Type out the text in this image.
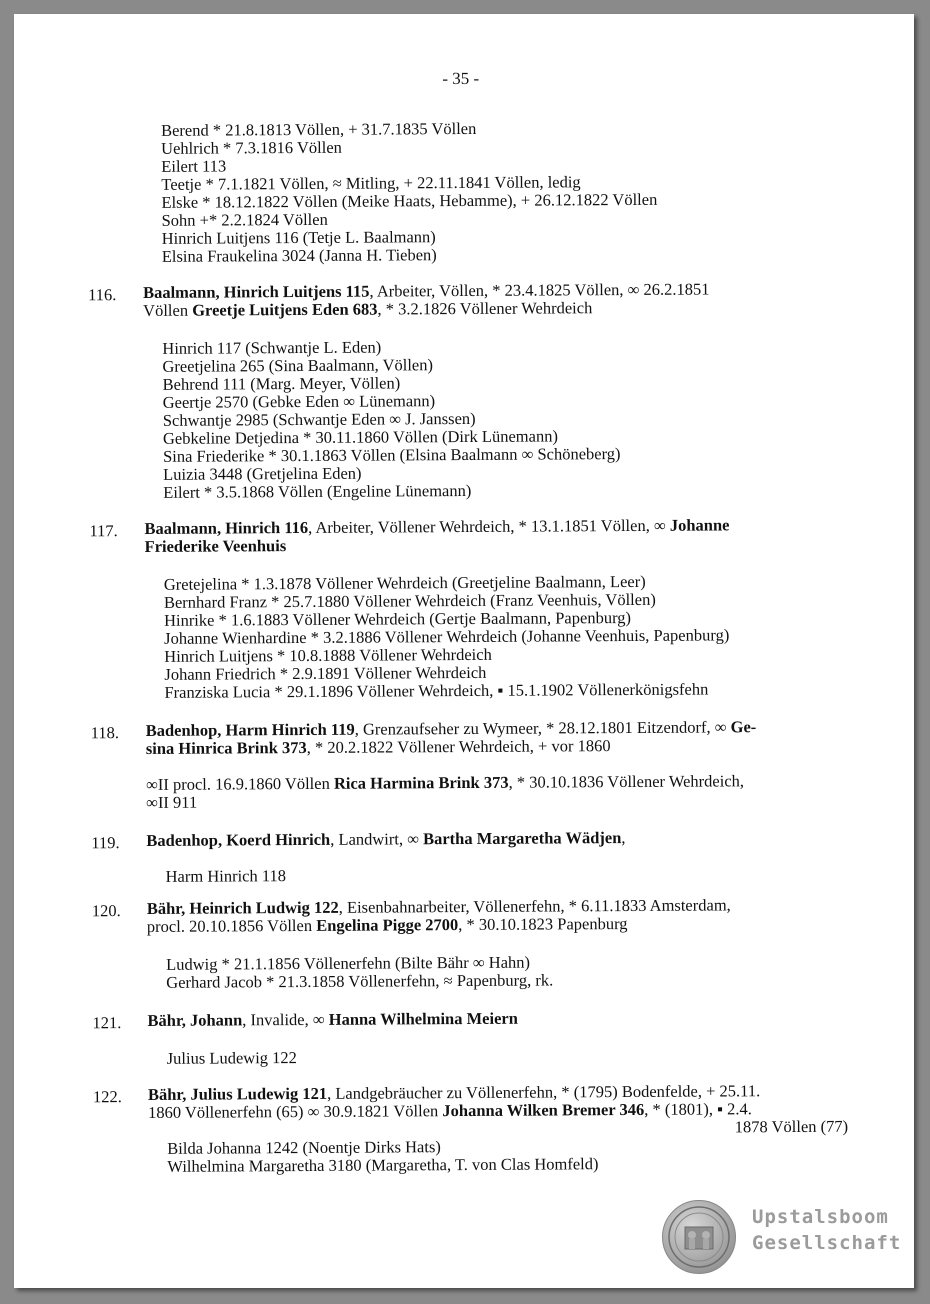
- 35 -
Berend * 21.8.1813 Völlen, + 31.7.1835 Völlen
Uehlrich * 7.3.1816 Völlen
Eilert 113
Teetje * 7.1.1821 Völlen, ≈ Mitling, + 22.11.1841 Völlen, ledig
Elske * 18.12.1822 Völlen (Meike Haats, Hebamme), + 26.12.1822 Völlen
Sohn +* 2.2.1824 Völlen
Hinrich Luitjens 116 (Tetje L. Baalmann)
Elsina Fraukelina 3024 (Janna H. Tieben)
116. Baalmann, Hinrich Luitjens 115, Arbeiter, Völlen, * 23.4.1825 Völlen, ∞ 26.2.1851
Völlen Greetje Luitjens Eden 683, * 3.2.1826 Völlener Wehrdeich
Hinrich 117 (Schwantje L. Eden)
Greetjelina 265 (Sina Baalmann, Völlen)
Behrend 111 (Marg. Meyer, Völlen)
Geertje 2570 (Gebke Eden ∞ Lünemann)
Schwantje 2985 (Schwantje Eden ∞ J. Janssen)
Gebkeline Detjedina * 30.11.1860 Völlen (Dirk Lünemann)
Sina Friederike * 30.1.1863 Völlen (Elsina Baalmann ∞ Schöneberg)
Luizia 3448 (Gretjelina Eden)
Eilert * 3.5.1868 Völlen (Engeline Lünemann)
117. Baalmann, Hinrich 116, Arbeiter, Völlener Wehrdeich, * 13.1.1851 Völlen, ∞ Johanne
Friederike Veenhuis
Gretejelina * 1.3.1878 Völlener Wehrdeich (Greetjeline Baalmann, Leer)
Bernhard Franz * 25.7.1880 Völlener Wehrdeich (Franz Veenhuis, Völlen)
Hinrike * 1.6.1883 Völlener Wehrdeich (Gertje Baalmann, Papenburg)
Johanne Wienhardine * 3.2.1886 Völlener Wehrdeich (Johanne Veenhuis, Papenburg)
Hinrich Luitjens * 10.8.1888 Völlener Wehrdeich
Johann Friedrich * 2.9.1891 Völlener Wehrdeich
Franziska Lucia * 29.1.1896 Völlener Wehrdeich, ▪ 15.1.1902 Völlenerkönigsfehn
118. Badenhop, Harm Hinrich 119, Grenzaufseher zu Wymeer, * 28.12.1801 Eitzendorf, ∞ Ge-
sina Hinrica Brink 373, * 20.2.1822 Völlener Wehrdeich, + vor 1860
∞II procl. 16.9.1860 Völlen Rica Harmina Brink 373, * 30.10.1836 Völlener Wehrdeich,
∞II 911
119. Badenhop, Koerd Hinrich, Landwirt, ∞ Bartha Margaretha Wädjen,
Harm Hinrich 118
120. Bähr, Heinrich Ludwig 122, Eisenbahnarbeiter, Völlenerfehn, * 6.11.1833 Amsterdam,
procl. 20.10.1856 Völlen Engelina Pigge 2700, * 30.10.1823 Papenburg
Ludwig * 21.1.1856 Völlenerfehn (Bilte Bähr ∞ Hahn)
Gerhard Jacob * 21.3.1858 Völlenerfehn, ≈ Papenburg, rk.
121. Bähr, Johann, Invalide, ∞ Hanna Wilhelmina Meiern
Julius Ludewig 122
122. Bähr, Julius Ludewig 121, Landgebräucher zu Völlenerfehn, * (1795) Bodenfelde, + 25.11.
1860 Völlenerfehn (65) ∞ 30.9.1821 Völlen Johanna Wilken Bremer 346, * (1801), ▪ 2.4.
1878 Völlen (77)
Bilda Johanna 1242 (Noentje Dirks Hats)
Wilhelmina Margaretha 3180 (Margaretha, T. von Clas Homfeld)
Upstalsboom
Gesellschaft
